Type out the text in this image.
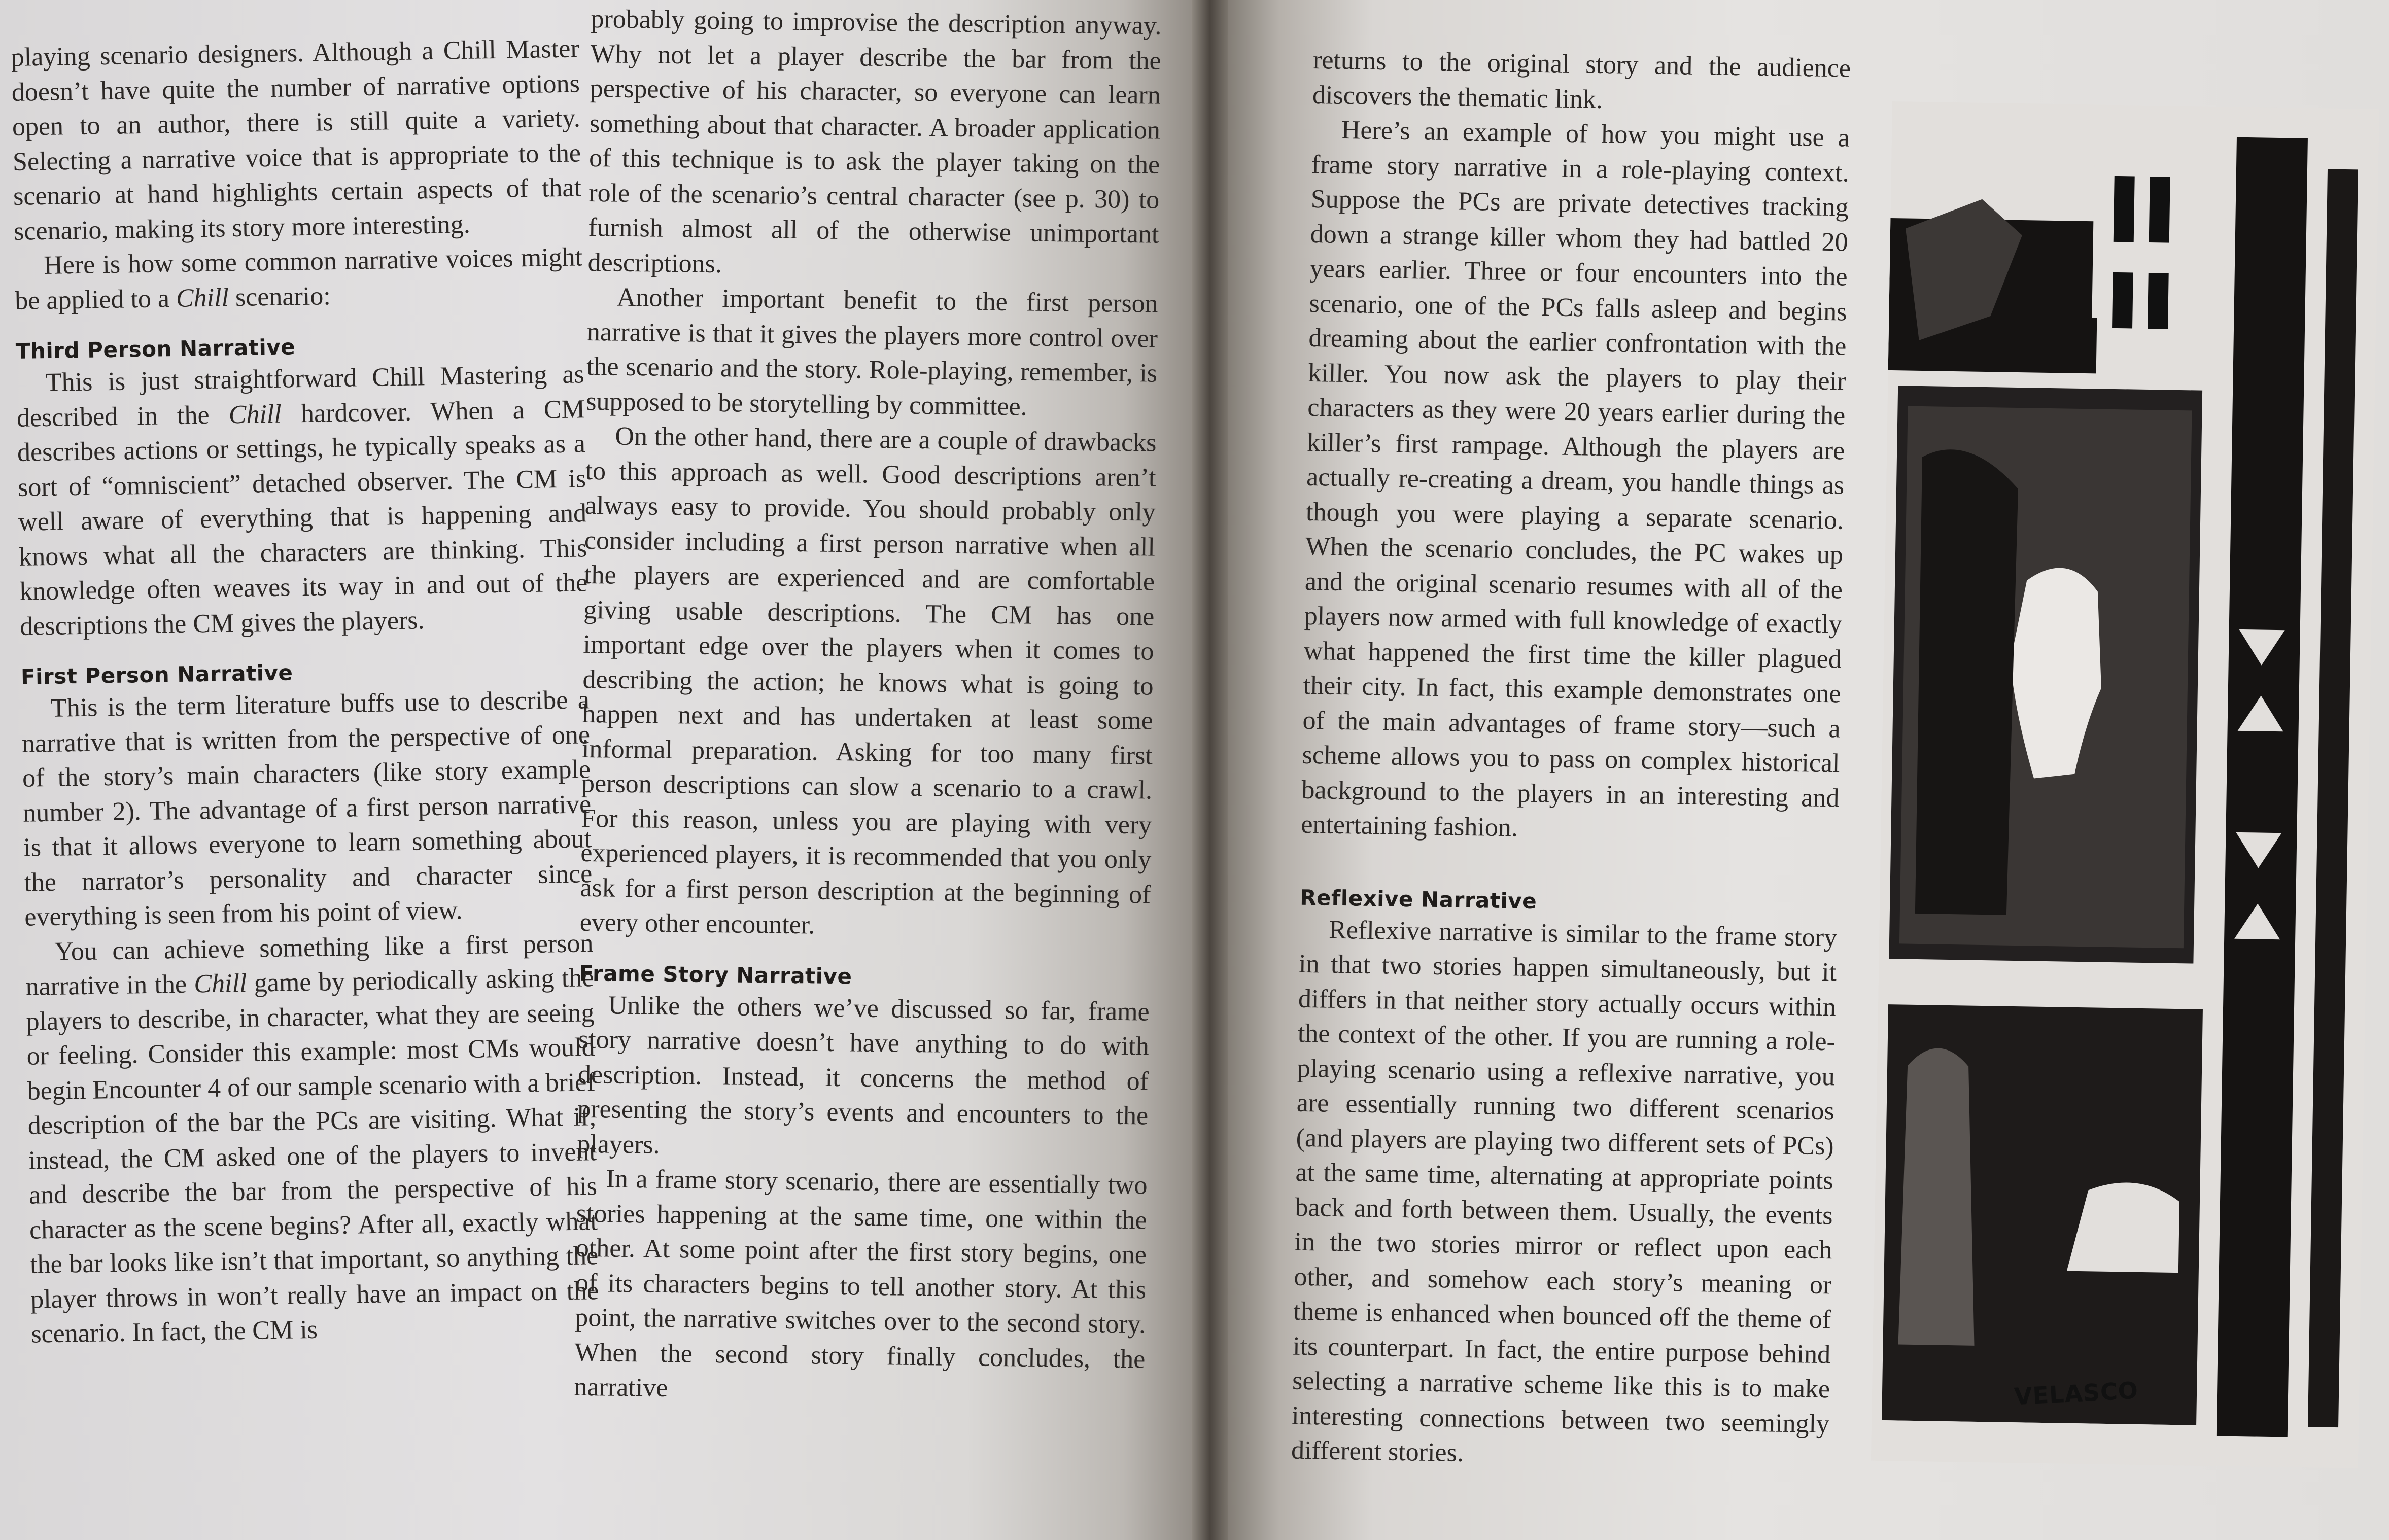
playing scenario designers. Although a Chill Master doesn’t have quite the number of narrative options open to an author, there is still quite a variety. Selecting a narrative voice that is appropriate to the scenario at hand highlights certain aspects of that scenario, making its story more interesting.

Here is how some common narrative voices might be applied to a Chill scenario:

Third Person Narrative

This is just straightforward Chill Mastering as described in the Chill hardcover. When a CM describes actions or settings, he typically speaks as a sort of “omniscient” detached observer. The CM is well aware of everything that is happening and knows what all the characters are thinking. This knowledge often weaves its way in and out of the descriptions the CM gives the players.

First Person Narrative

This is the term literature buffs use to describe a narrative that is written from the perspective of one of the story’s main characters (like story example number 2). The advantage of a first person narrative is that it allows everyone to learn something about the narrator’s personality and character since everything is seen from his point of view.

You can achieve something like a first person narrative in the Chill game by periodically asking the players to describe, in character, what they are seeing or feeling. Consider this example: most CMs would begin Encounter 4 of our sample scenario with a brief description of the bar the PCs are visiting. What if, instead, the CM asked one of the players to invent and describe the bar from the perspective of his character as the scene begins? After all, exactly what the bar looks like isn’t that important, so anything the player throws in won’t really have an impact on the scenario. In fact, the CM is

probably going to improvise the description anyway. Why not let a player describe the bar from the perspective of his character, so everyone can learn something about that character. A broader application of this technique is to ask the player taking on the role of the scenario’s central character (see p. 30) to furnish almost all of the otherwise unimportant descriptions.

Another important benefit to the first person narrative is that it gives the players more control over the scenario and the story. Role-playing, remember, is supposed to be storytelling by committee.

On the other hand, there are a couple of drawbacks to this approach as well. Good descriptions aren’t always easy to provide. You should probably only consider including a first person narrative when all the players are experienced and are comfortable giving usable descriptions. The CM has one important edge over the players when it comes to describing the action; he knows what is going to happen next and has undertaken at least some informal preparation. Asking for too many first person descriptions can slow a scenario to a crawl. For this reason, unless you are playing with very experienced players, it is recommended that you only ask for a first person description at the beginning of every other encounter.

Frame Story Narrative

Unlike the others we’ve discussed so far, frame story narrative doesn’t have anything to do with description. Instead, it concerns the method of presenting the story’s events and encounters to the players.

In a frame story scenario, there are essentially two stories happening at the same time, one within the other. At some point after the first story begins, one of its characters begins to tell another story. At this point, the narrative switches over to the second story. When the second story finally concludes, the narrative

returns to the original story and the audience discovers the thematic link.

Here’s an example of how you might use a frame story narrative in a role-playing context. Suppose the PCs are private detectives tracking down a strange killer whom they had battled 20 years earlier. Three or four encounters into the scenario, one of the PCs falls asleep and begins dreaming about the earlier confrontation with the killer. You now ask the players to play their characters as they were 20 years earlier during the killer’s first rampage. Although the players are actually re-creating a dream, you handle things as though you were playing a separate scenario. When the scenario concludes, the PC wakes up and the original scenario resumes with all of the players now armed with full knowledge of exactly what happened the first time the killer plagued their city. In fact, this example demonstrates one of the main advantages of frame story—such a scheme allows you to pass on complex historical background to the players in an interesting and entertaining fashion.

Reflexive Narrative

Reflexive narrative is similar to the frame story in that two stories happen simultaneously, but it differs in that neither story actually occurs within the context of the other. If you are running a role-playing scenario using a reflexive narrative, you are essentially running two different scenarios (and players are playing two different sets of PCs) at the same time, alternating at appropriate points back and forth between them. Usually, the events in the two stories mirror or reflect upon each other, and somehow each story’s meaning or theme is enhanced when bounced off the theme of its counterpart. In fact, the entire purpose behind selecting a narrative scheme like this is to make interesting connections between two seemingly different stories.

VELASCO
